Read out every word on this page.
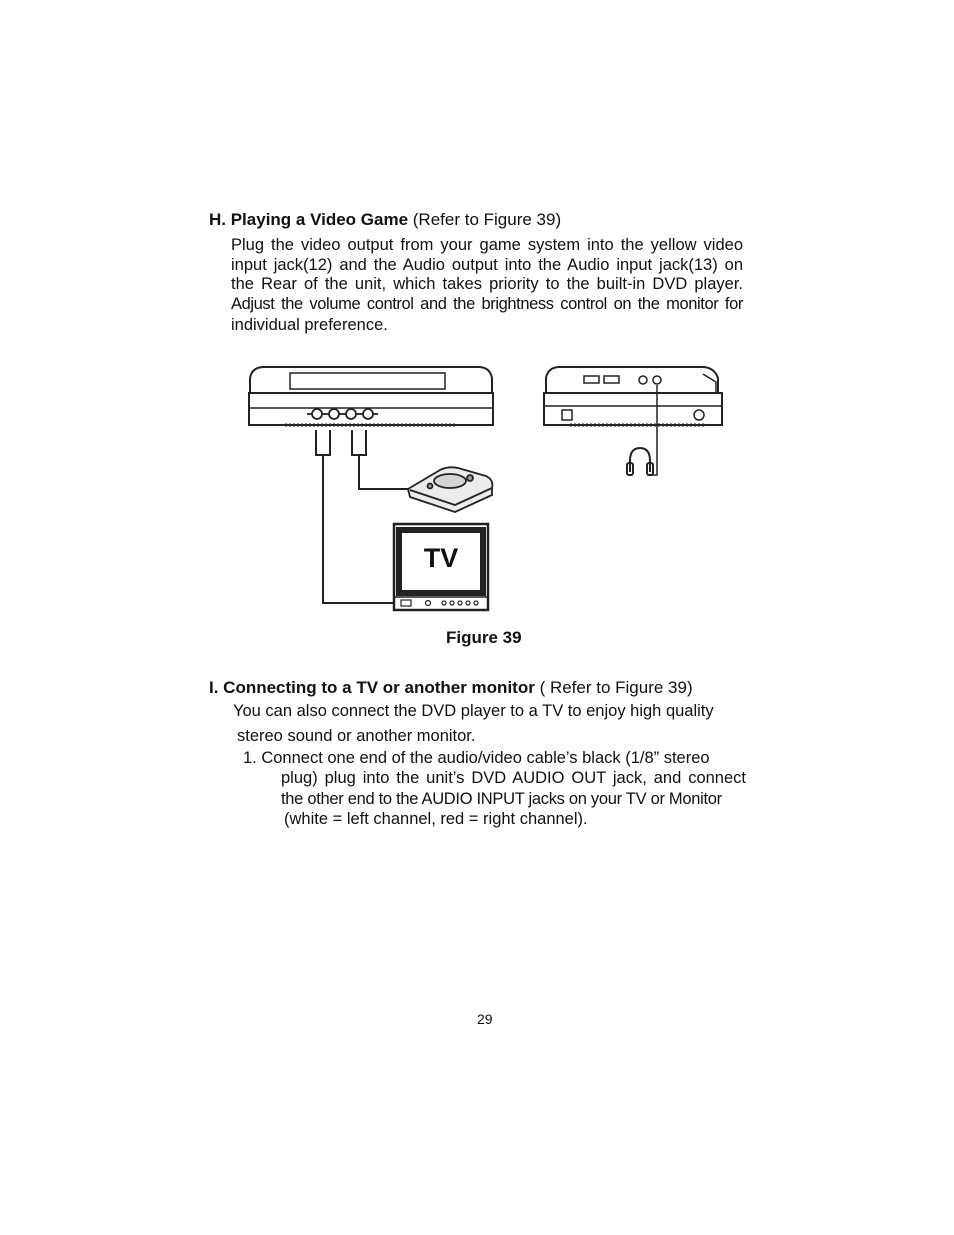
H. Playing a Video Game (Refer to Figure 39)
Plug the video output from your game system into the yellow video
input jack(12) and the Audio output into the Audio input jack(13) on
the Rear of the unit, which takes priority to the built-in DVD player.
Adjust the volume control and the brightness control on the monitor for
individual preference.
TV
Figure 39
I. Connecting to a TV or another monitor ( Refer to Figure 39)
You can also connect the DVD player to a TV to enjoy high quality
stereo sound or another monitor.
1. Connect one end of the audio/video cable’s black (1/8” stereo
plug) plug into the unit’s DVD AUDIO OUT jack, and connect
the other end to the AUDIO INPUT jacks on your TV or Monitor
(white = left channel, red = right channel).
29
